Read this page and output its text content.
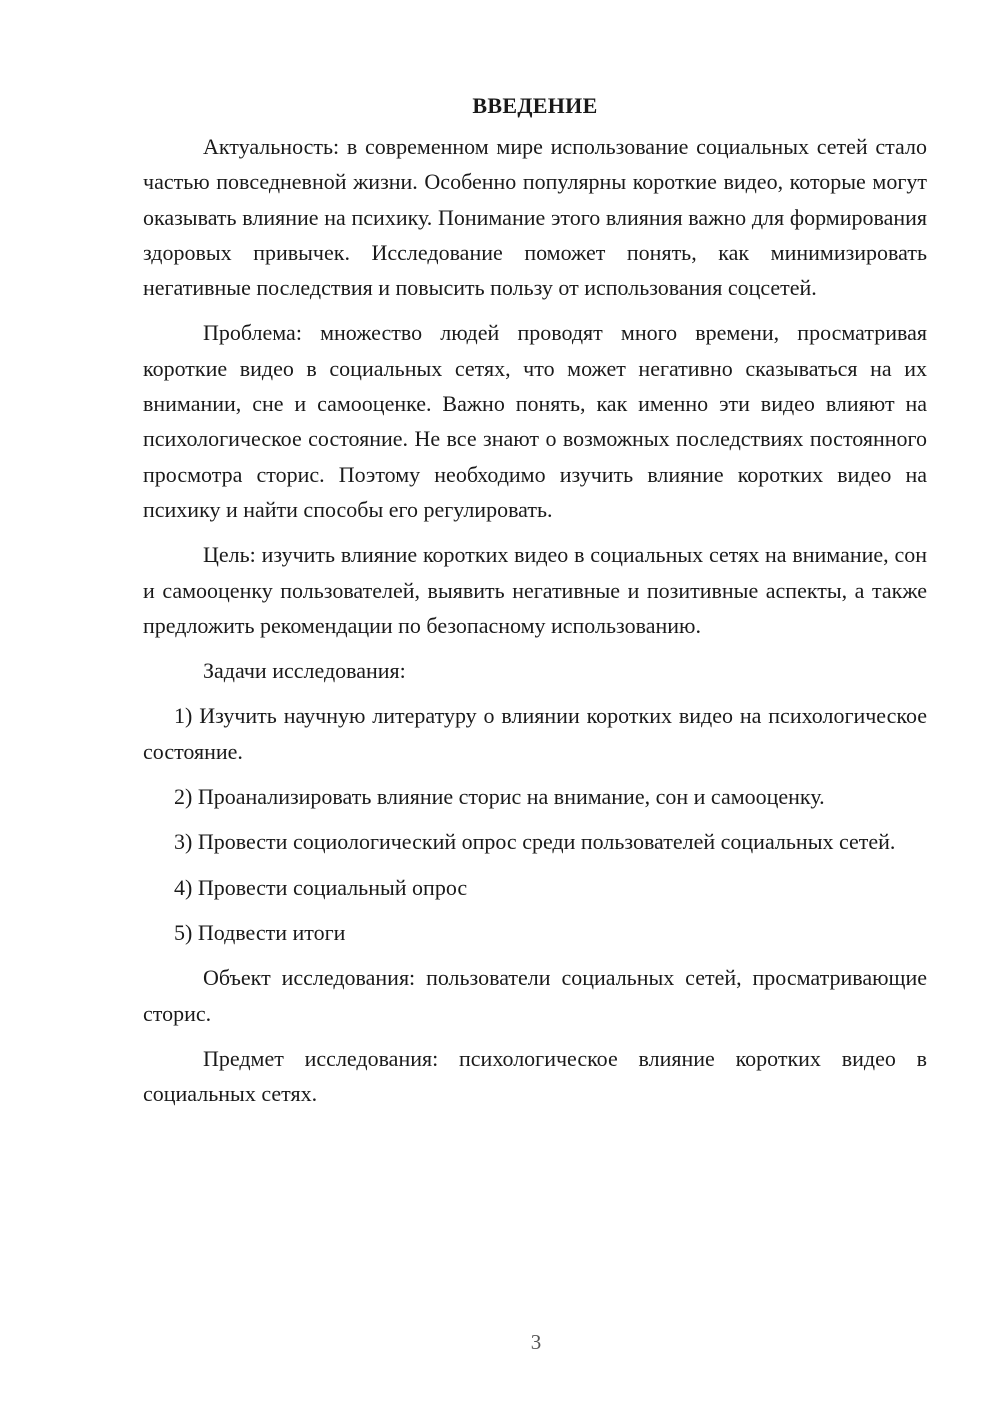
ВВЕДЕНИЕ

Актуальность: в современном мире использование социальных сетей стало частью повседневной жизни. Особенно популярны короткие видео, которые могут оказывать влияние на психику. Понимание этого влияния важно для формирования здоровых привычек. Исследование поможет понять, как минимизировать негативные последствия и повысить пользу от использования соцсетей.

Проблема: множество людей проводят много времени, просматривая короткие видео в социальных сетях, что может негативно сказываться на их внимании, сне и самооценке. Важно понять, как именно эти видео влияют на психологическое состояние. Не все знают о возможных последствиях постоянного просмотра сторис. Поэтому необходимо изучить влияние коротких видео на психику и найти способы его регулировать.

Цель: изучить влияние коротких видео в социальных сетях на внимание, сон и самооценку пользователей, выявить негативные и позитивные аспекты, а также предложить рекомендации по безопасному использованию.

Задачи исследования:

1) Изучить научную литературу о влиянии коротких видео на психологическое состояние.

2) Проанализировать влияние сторис на внимание, сон и самооценку.

3) Провести социологический опрос среди пользователей социальных сетей.

4) Провести социальный опрос

5) Подвести итоги

Объект исследования: пользователи социальных сетей, просматривающие сторис.

Предмет исследования: психологическое влияние коротких видео в социальных сетях.

3
